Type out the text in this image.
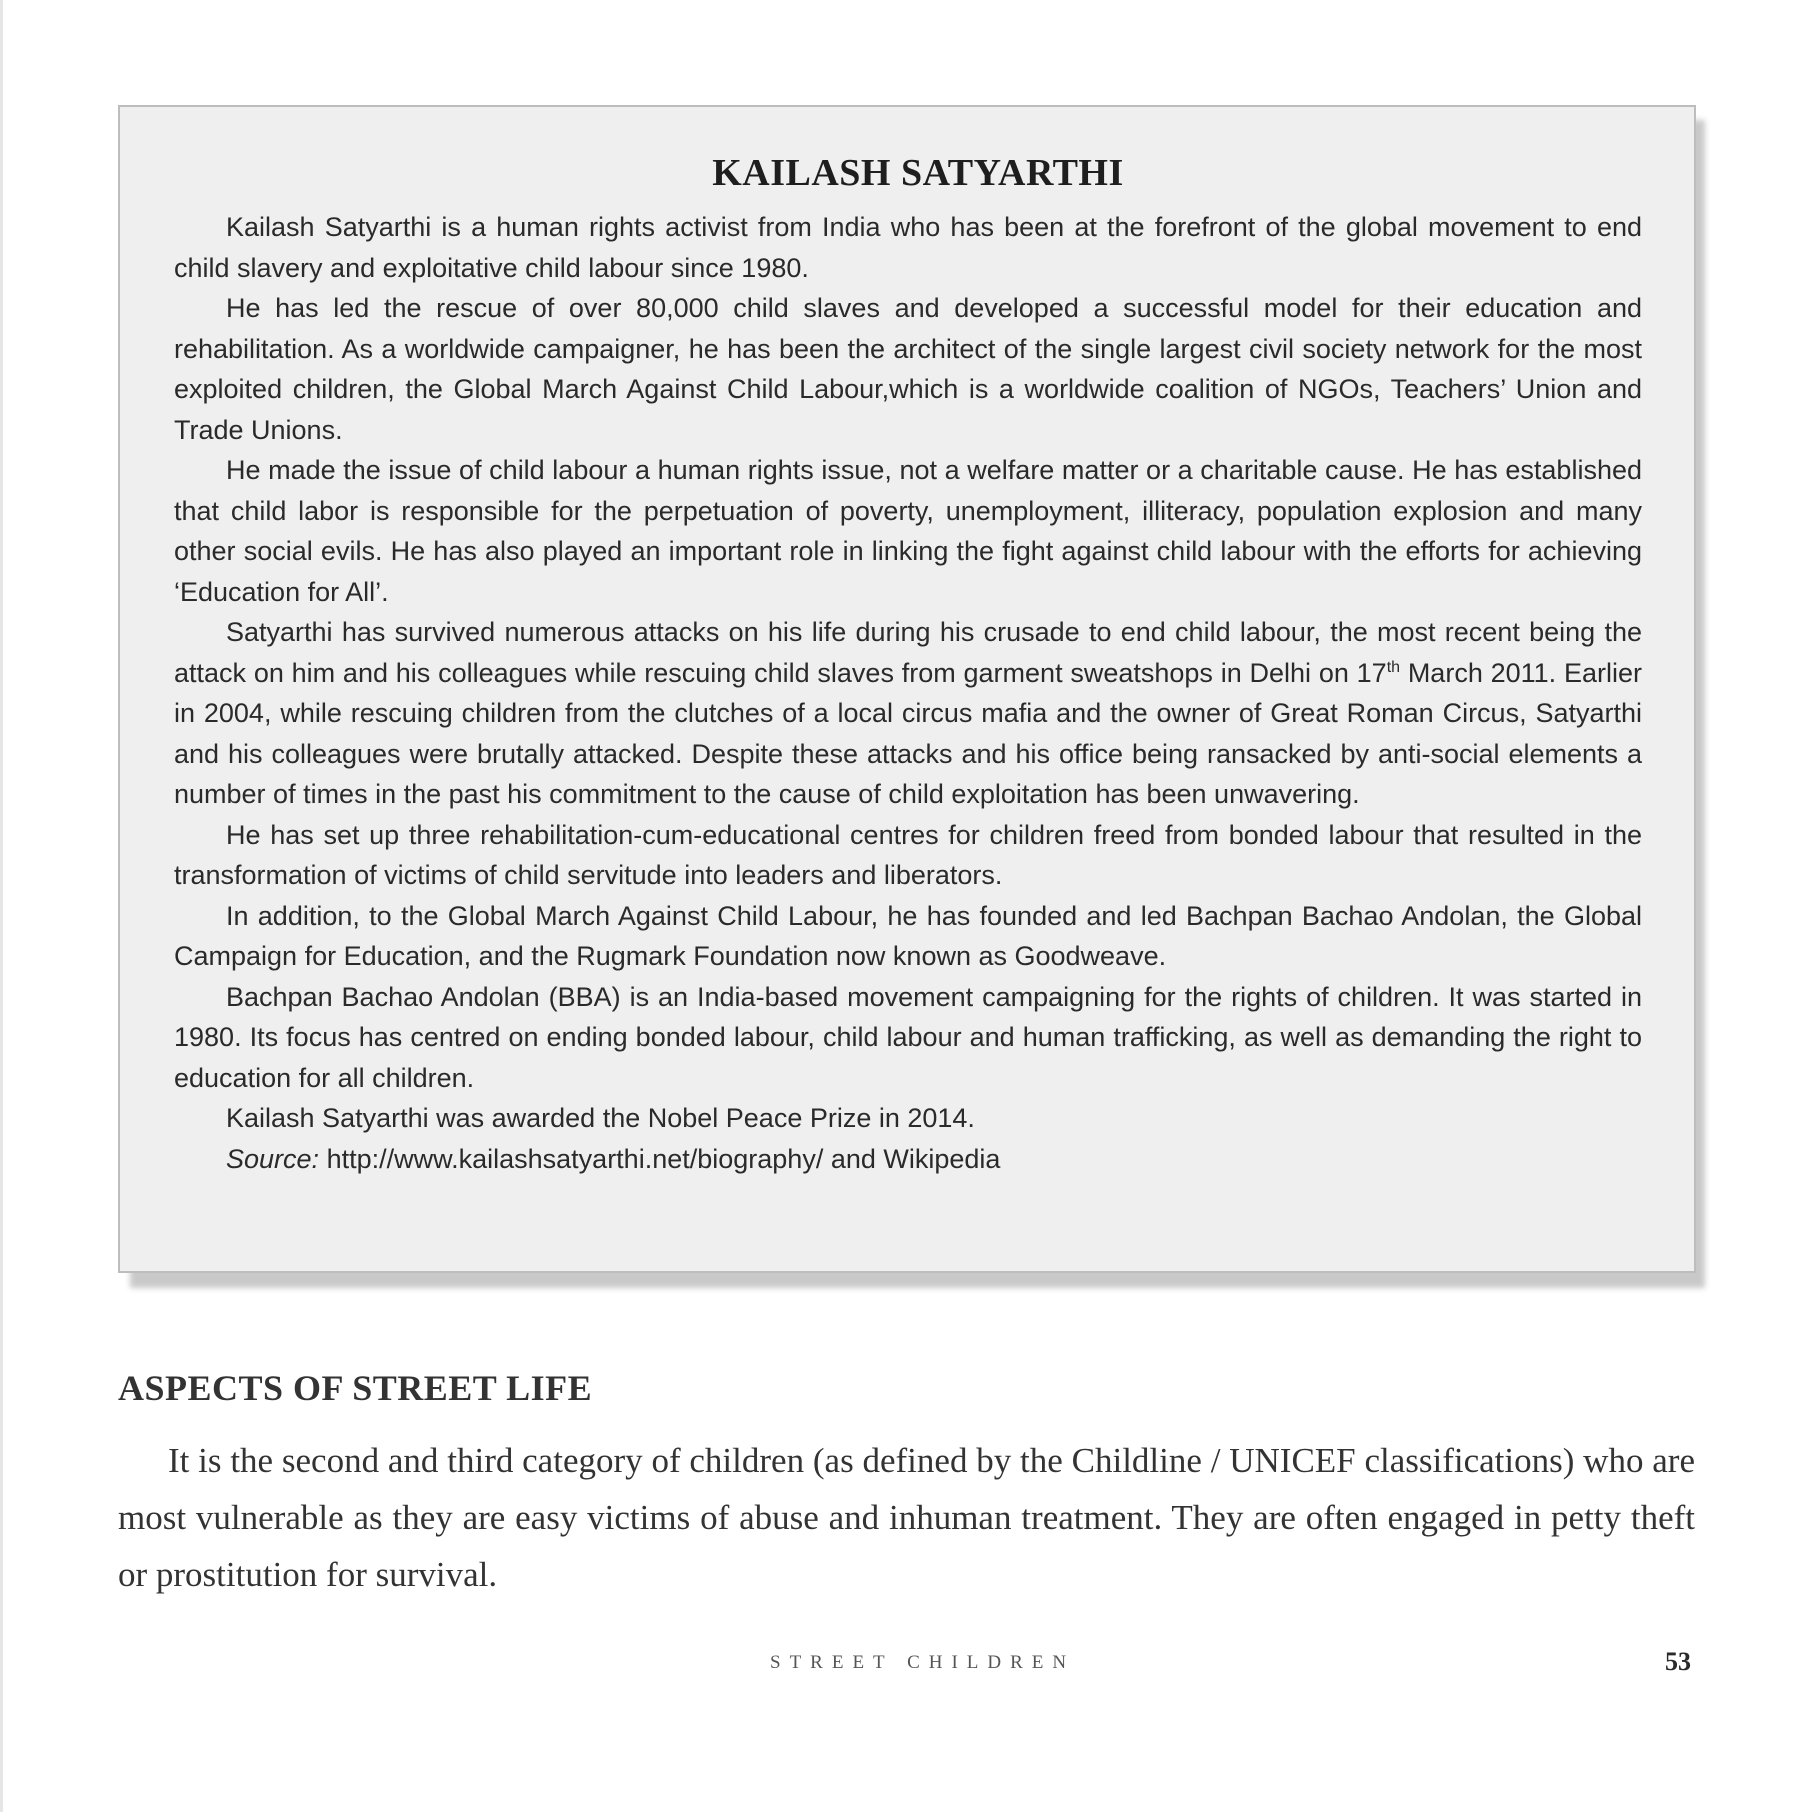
KAILASH SATYARTHI

Kailash Satyarthi is a human rights activist from India who has been at the forefront of the global movement to end child slavery and exploitative child labour since 1980.

He has led the rescue of over 80,000 child slaves and developed a successful model for their education and rehabilitation. As a worldwide campaigner, he has been the architect of the single largest civil society network for the most exploited children, the Global March Against Child Labour,which is a worldwide coalition of NGOs, Teachers’ Union and Trade Unions.

He made the issue of child labour a human rights issue, not a welfare matter or a charitable cause. He has established that child labor is responsible for the perpetuation of poverty, unemployment, illiteracy, population explosion and many other social evils. He has also played an important role in linking the fight against child labour with the efforts for achieving ‘Education for All’.

Satyarthi has survived numerous attacks on his life during his crusade to end child labour, the most recent being the attack on him and his colleagues while rescuing child slaves from garment sweatshops in Delhi on 17th March 2011. Earlier in 2004, while rescuing children from the clutches of a local circus mafia and the owner of Great Roman Circus, Satyarthi and his colleagues were brutally attacked. Despite these attacks and his office being ransacked by anti-social elements a number of times in the past his commitment to the cause of child exploitation has been unwavering.

He has set up three rehabilitation-cum-educational centres for children freed from bonded labour that resulted in the transformation of victims of child servitude into leaders and liberators.

In addition, to the Global March Against Child Labour, he has founded and led Bachpan Bachao Andolan, the Global Campaign for Education, and the Rugmark Foundation now known as Goodweave.

Bachpan Bachao Andolan (BBA) is an India-based movement campaigning for the rights of children. It was started in 1980. Its focus has centred on ending bonded labour, child labour and human trafficking, as well as demanding the right to education for all children.

Kailash Satyarthi was awarded the Nobel Peace Prize in 2014.

Source: http://www.kailashsatyarthi.net/biography/ and Wikipedia

ASPECTS OF STREET LIFE

It is the second and third category of children (as defined by the Childline / UNICEF classifications) who are most vulnerable as they are easy victims of abuse and inhuman treatment. They are often engaged in petty theft or prostitution for survival.

STREET CHILDREN	53
